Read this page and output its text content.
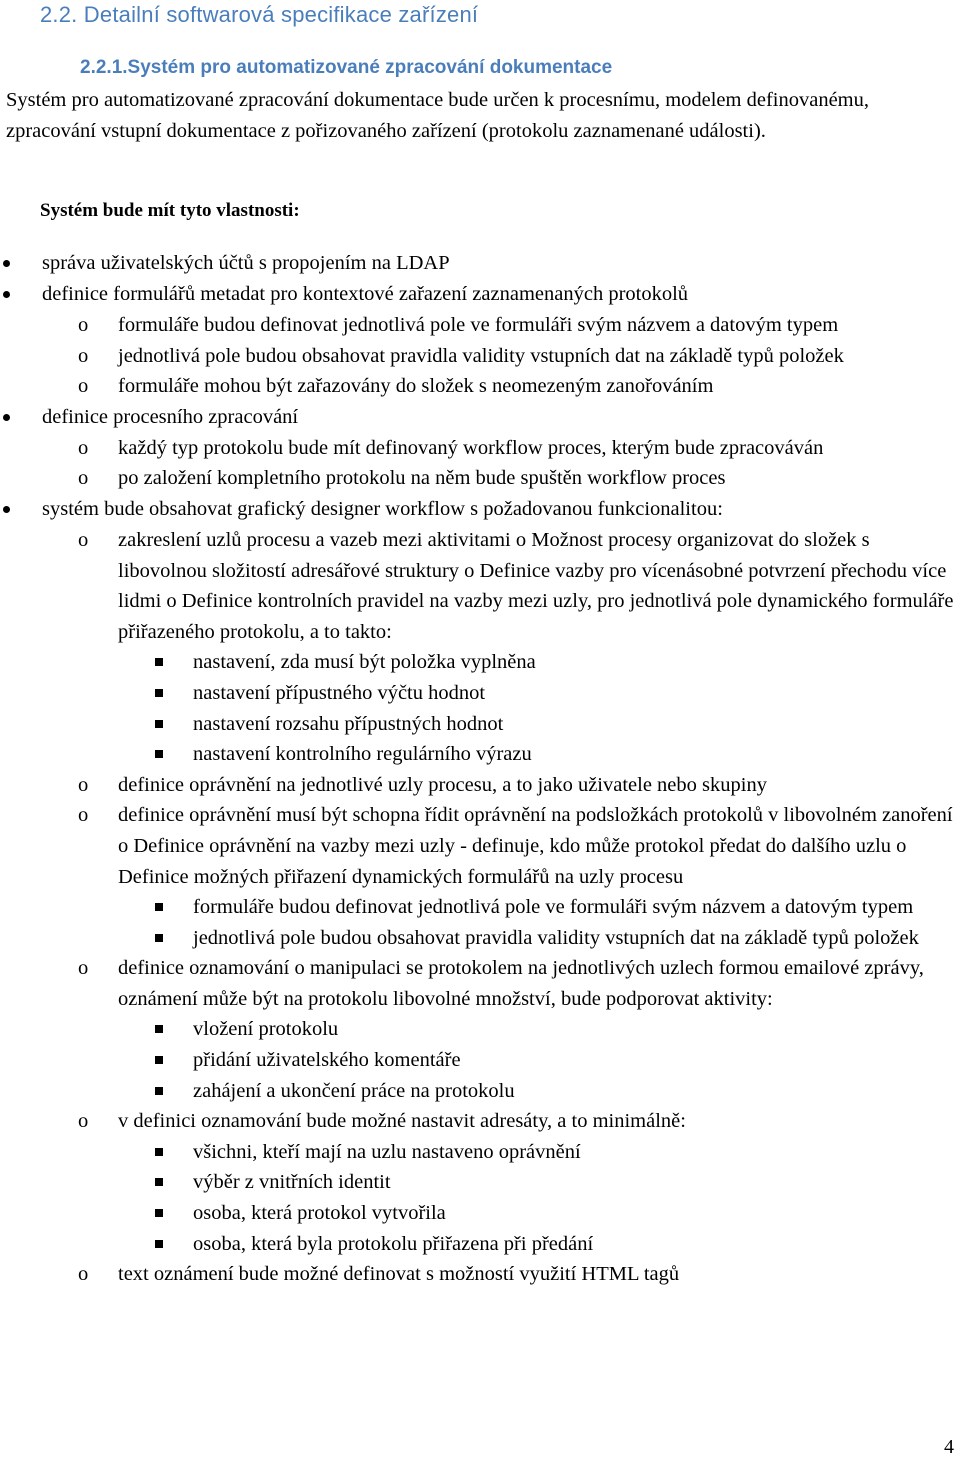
2.2. Detailní softwarová specifikace zařízení
2.2.1.Systém pro automatizované zpracování dokumentace

Systém pro automatizované zpracování dokumentace bude určen k procesnímu, modelem definovanému, zpracování vstupní dokumentace z pořizovaného zařízení (protokolu zaznamenané události).

Systém bude mít tyto vlastnosti:
správa uživatelských účtů s propojením na LDAP
definice formulářů metadat pro kontextové zařazení zaznamenaných protokolů
o formuláře budou definovat jednotlivá pole ve formuláři svým názvem a datovým typem
o jednotlivá pole budou obsahovat pravidla validity vstupních dat na základě typů položek
o formuláře mohou být zařazovány do složek s neomezeným zanořováním
definice procesního zpracování
o každý typ protokolu bude mít definovaný workflow proces, kterým bude zpracováván
o po založení kompletního protokolu na něm bude spuštěn workflow proces
systém bude obsahovat grafický designer workflow s požadovanou funkcionalitou:
o zakreslení uzlů procesu a vazeb mezi aktivitami o Možnost procesy organizovat do složek s libovolnou složitostí adresářové struktury o Definice vazby pro vícenásobné potvrzení přechodu více lidmi o Definice kontrolních pravidel na vazby mezi uzly, pro jednotlivá pole dynamického formuláře přiřazeného protokolu, a to takto:
nastavení, zda musí být položka vyplněna
nastavení přípustného výčtu hodnot
nastavení rozsahu přípustných hodnot
nastavení kontrolního regulárního výrazu
o definice oprávnění na jednotlivé uzly procesu, a to jako uživatele nebo skupiny
o definice oprávnění musí být schopna řídit oprávnění na podsložkách protokolů v libovolném zanoření o Definice oprávnění na vazby mezi uzly - definuje, kdo může protokol předat do dalšího uzlu o Definice možných přiřazení dynamických formulářů na uzly procesu
formuláře budou definovat jednotlivá pole ve formuláři svým názvem a datovým typem
jednotlivá pole budou obsahovat pravidla validity vstupních dat na základě typů položek
o definice oznamování o manipulaci se protokolem na jednotlivých uzlech formou emailové zprávy, oznámení může být na protokolu libovolné množství, bude podporovat aktivity:
vložení protokolu
přidání uživatelského komentáře
zahájení a ukončení práce na protokolu
o v definici oznamování bude možné nastavit adresáty, a to minimálně:
všichni, kteří mají na uzlu nastaveno oprávnění
výběr z vnitřních identit
osoba, která protokol vytvořila
osoba, která byla protokolu přiřazena při předání
o text oznámení bude možné definovat s možností využití HTML tagů
4
